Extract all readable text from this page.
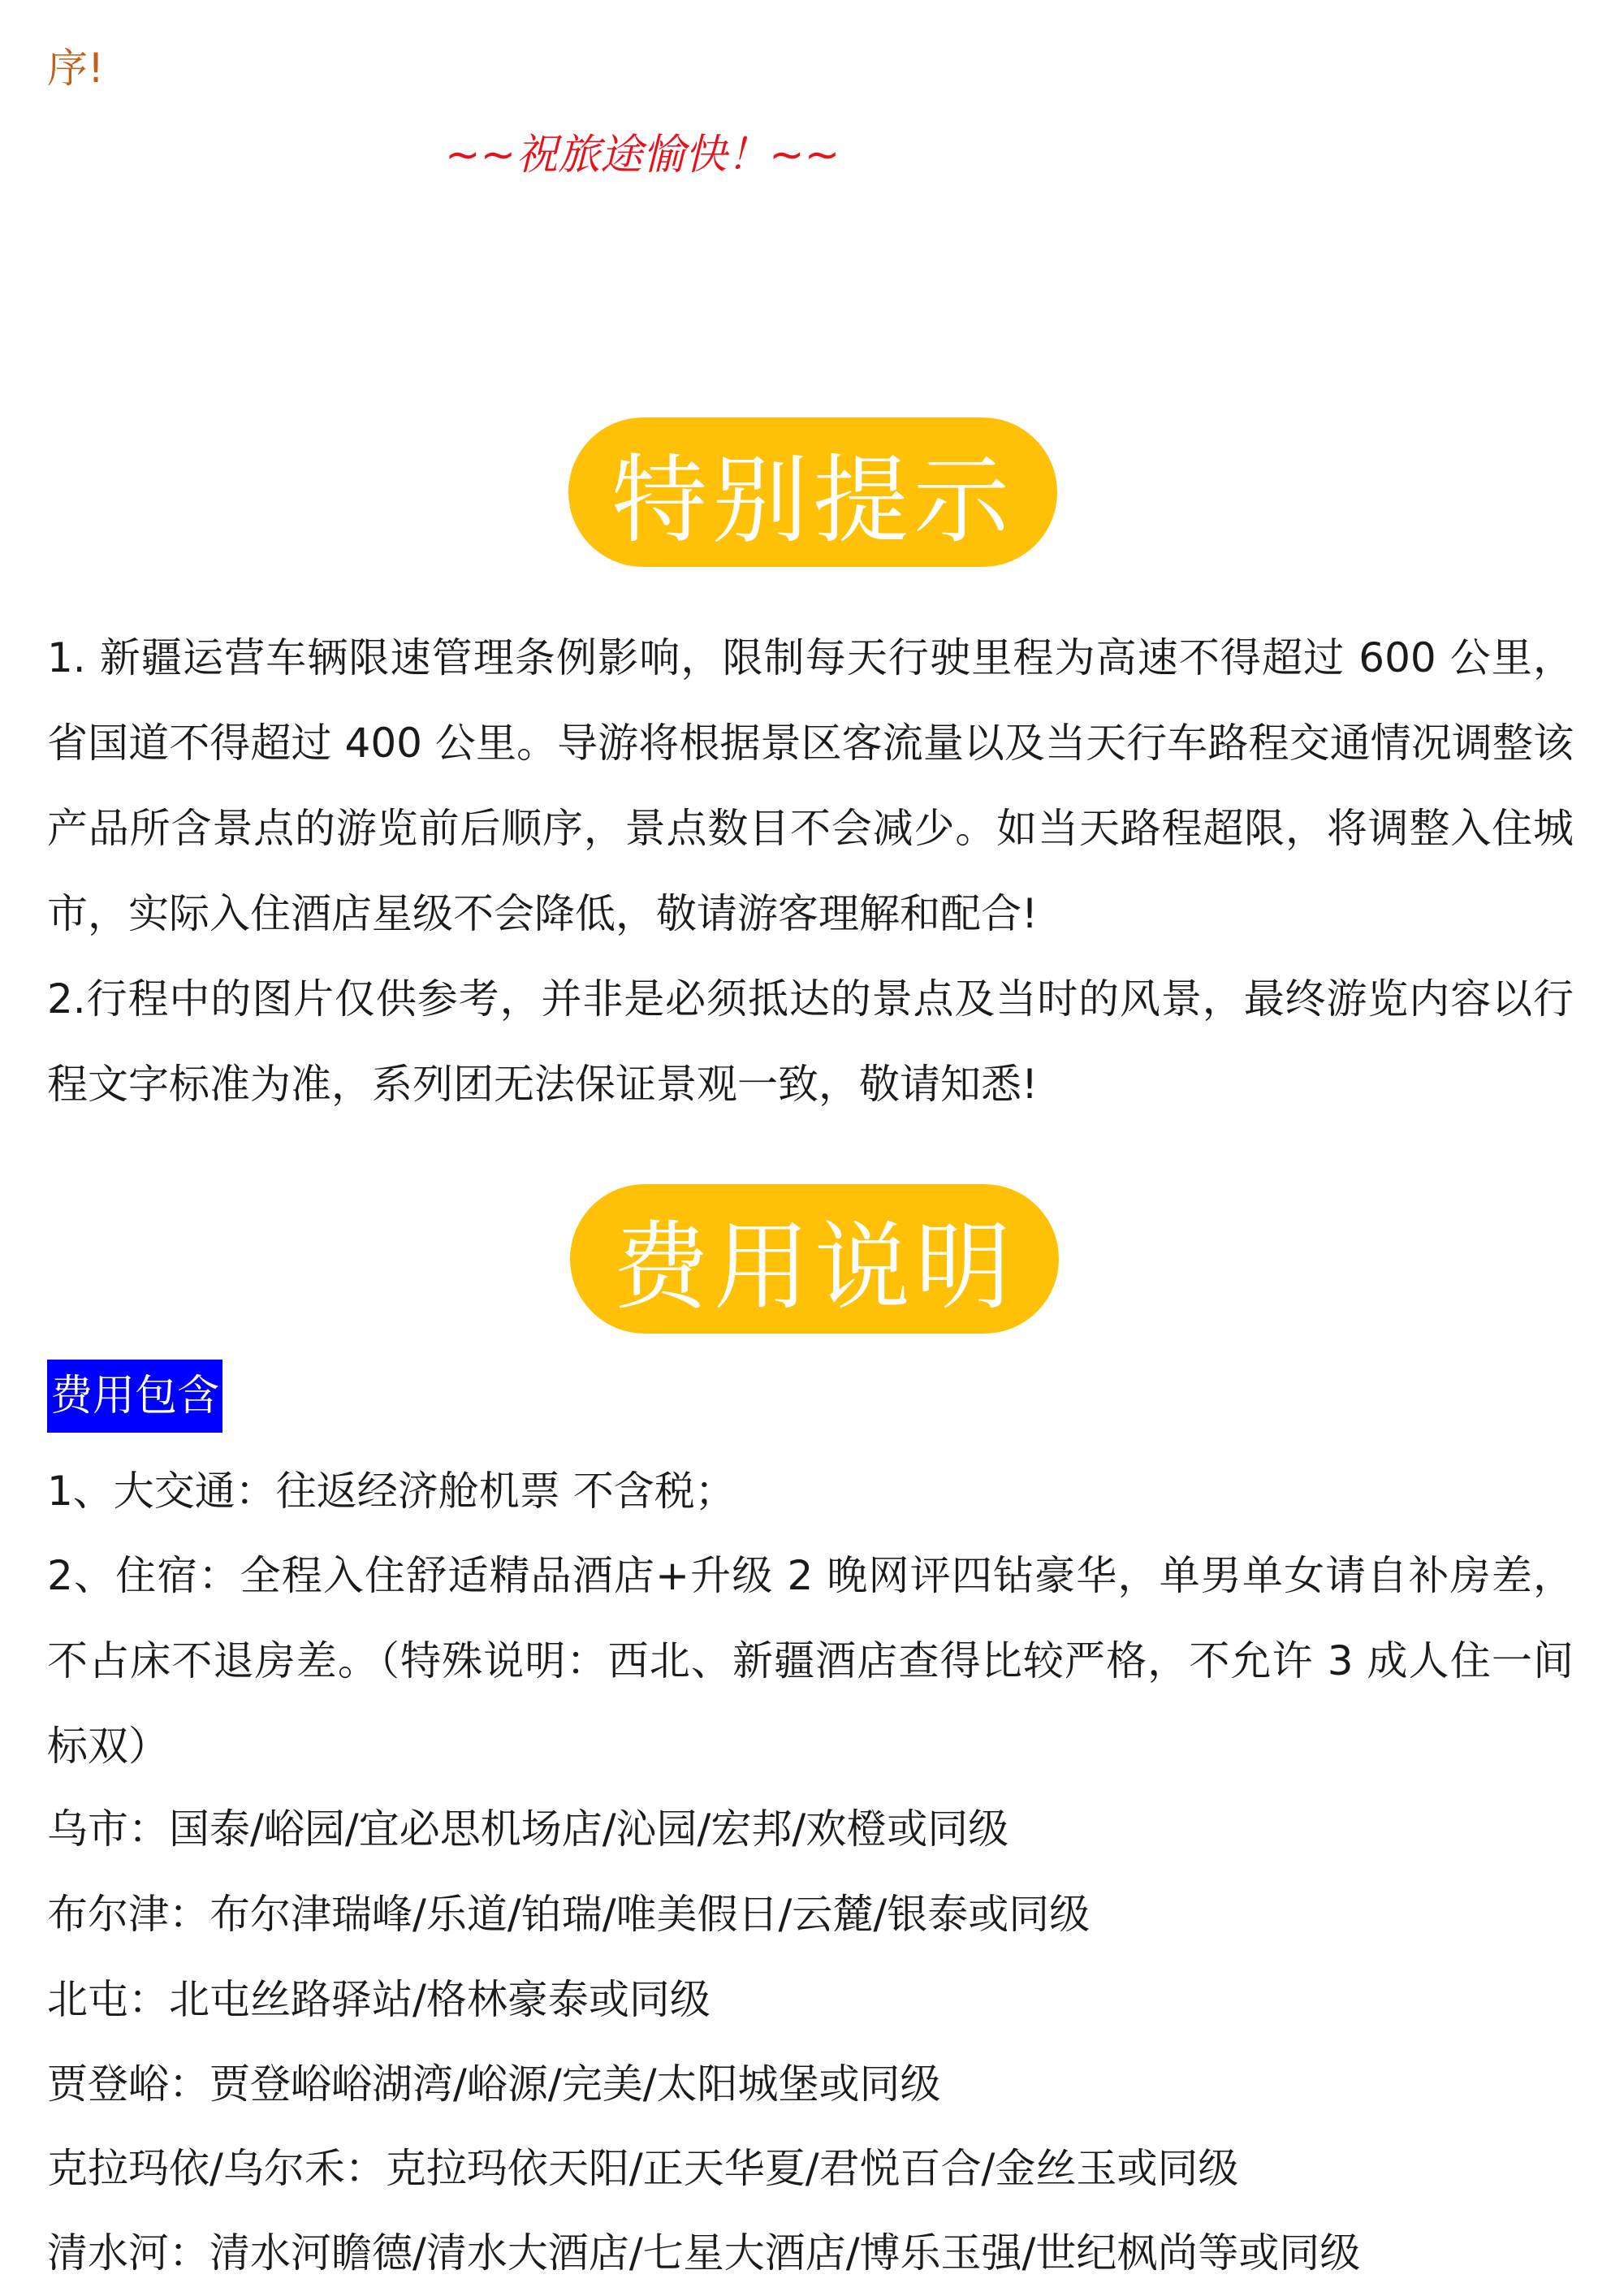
序!
~~祝旅途愉快！~~
特别提示
1. 新疆运营车辆限速管理条例影响，限制每天行驶里程为高速不得超过 600 公里，省国道不得超过 400 公里。导游将根据景区客流量以及当天行车路程交通情况调整该产品所含景点的游览前后顺序，景点数目不会减少。如当天路程超限，将调整入住城市，实际入住酒店星级不会降低，敬请游客理解和配合!
2.行程中的图片仅供参考，并非是必须抵达的景点及当时的风景，最终游览内容以行程文字标准为准，系列团无法保证景观一致，敬请知悉!
费用说明
费用包含
1、大交通：往返经济舱机票 不含税；
2、住宿：全程入住舒适精品酒店+升级 2 晚网评四钻豪华，单男单女请自补房差，不占床不退房差。（特殊说明：西北、新疆酒店查得比较严格，不允许 3 成人住一间标双）
乌市：国泰/峪园/宜必思机场店/沁园/宏邦/欢橙或同级
布尔津：布尔津瑞峰/乐道/铂瑞/唯美假日/云麓/银泰或同级
北屯：北屯丝路驿站/格林豪泰或同级
贾登峪：贾登峪峪湖湾/峪源/完美/太阳城堡或同级
克拉玛依/乌尔禾：克拉玛依天阳/正天华夏/君悦百合/金丝玉或同级
清水河：清水河瞻德/清水大酒店/七星大酒店/博乐玉强/世纪枫尚等或同级
